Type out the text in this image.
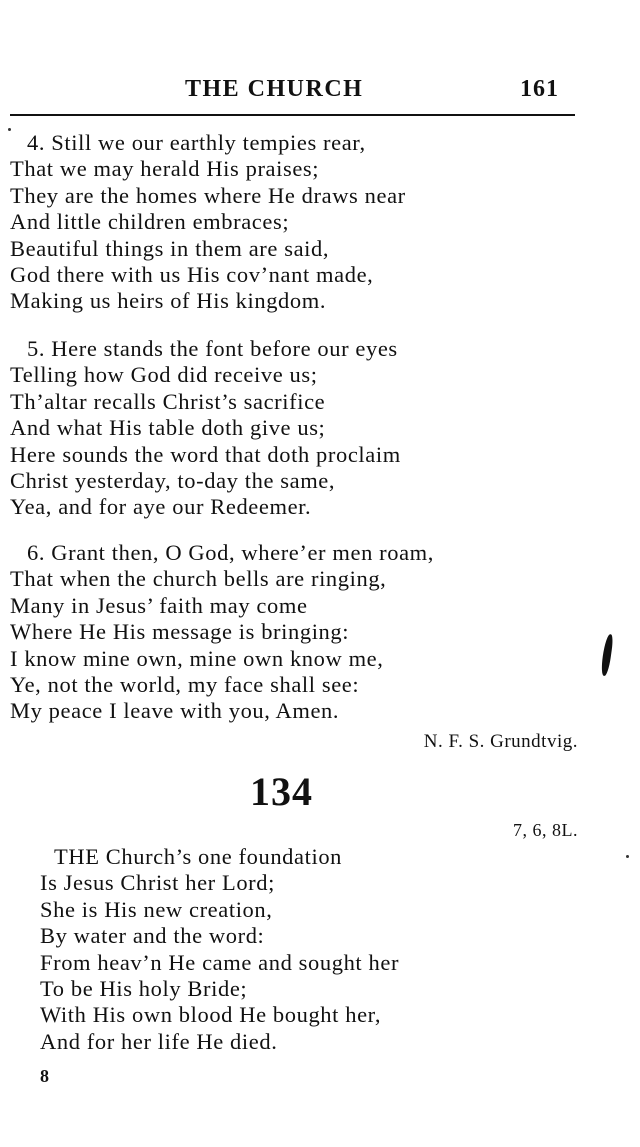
THE CHURCH	161
4. Still we our earthly tempies rear,
That we may herald His praises;
They are the homes where He draws near
And little children embraces;
Beautiful things in them are said,
God there with us His cov’nant made,
Making us heirs of His kingdom.
5. Here stands the font before our eyes
Telling how God did receive us;
Th’altar recalls Christ’s sacrifice
And what His table doth give us;
Here sounds the word that doth proclaim
Christ yesterday, to-day the same,
Yea, and for aye our Redeemer.
6. Grant then, O God, where’er men roam,
That when the church bells are ringing,
Many in Jesus’ faith may come
Where He His message is bringing:
I know mine own, mine own know me,
Ye, not the world, my face shall see:
My peace I leave with you, Amen.
N. F. S. Grundtvig.
134
7, 6, 8L.
THE Church’s one foundation
Is Jesus Christ her Lord;
She is His new creation,
By water and the word:
From heav’n He came and sought her
To be His holy Bride;
With His own blood He bought her,
And for her life He died.
8
